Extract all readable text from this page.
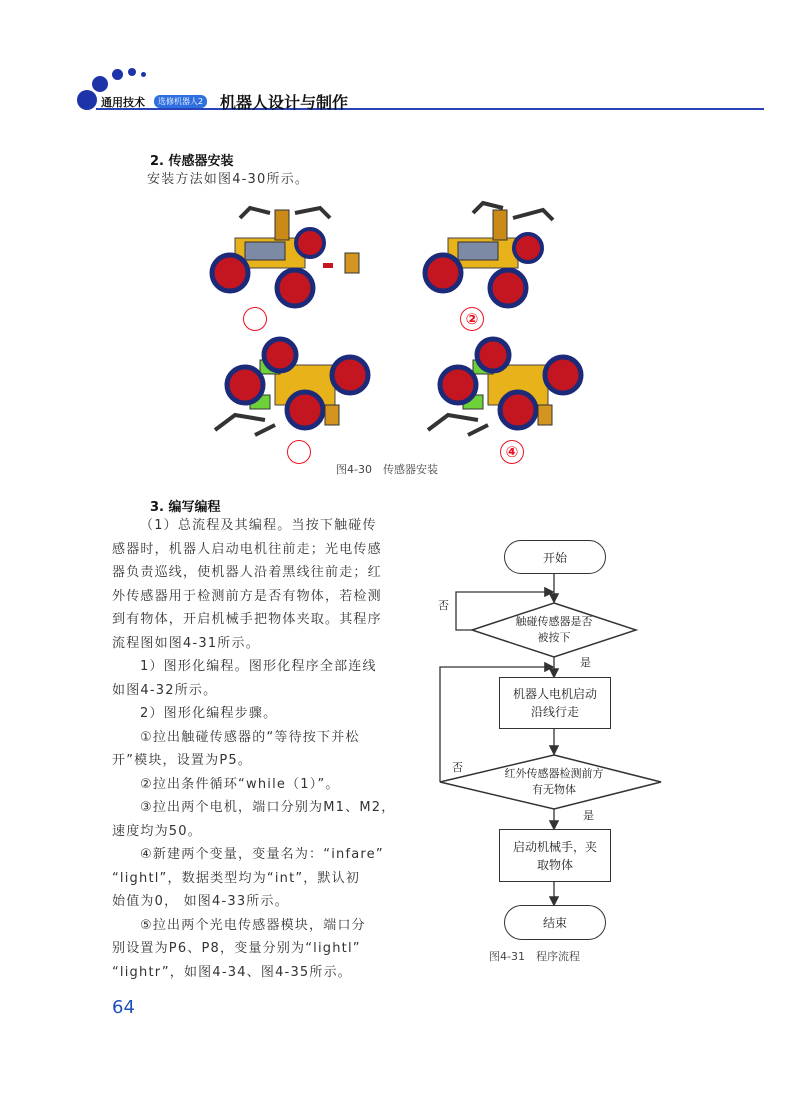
通用技术	选修机器人2 机器人设计与制作
2. 传感器安装
安装方法如图4-30所示。
②
④
图4-30　传感器安装
3. 编写编程
（1）总流程及其编程。当按下触碰传
感器时，机器人启动电机往前走；光电传感
器负责巡线，使机器人沿着黑线往前走；红
外传感器用于检测前方是否有物体，若检测
到有物体，开启机械手把物体夹取。其程序
流程图如图4-31所示。
1）图形化编程。图形化程序全部连线
如图4-32所示。
2）图形化编程步骤。
①拉出触碰传感器的“等待按下并松
开”模块，设置为P5。
②拉出条件循环“while（1）”。
③拉出两个电机，端口分别为M1、M2，
速度均为50。
④新建两个变量，变量名为：“infare”
“lightl”，数据类型均为“int”，默认初
始值为0， 如图4-33所示。
⑤拉出两个光电传感器模块，端口分
别设置为P6、P8，变量分别为“lightl”
“lightr”，如图4-34、图4-35所示。
开始
触碰传感器是否
被按下
否
是
机器人电机启动
沿线行走
否	红外传感器检测前方
有无物体
是
启动机械手，夹
取物体
结束
图4-31　程序流程
64
